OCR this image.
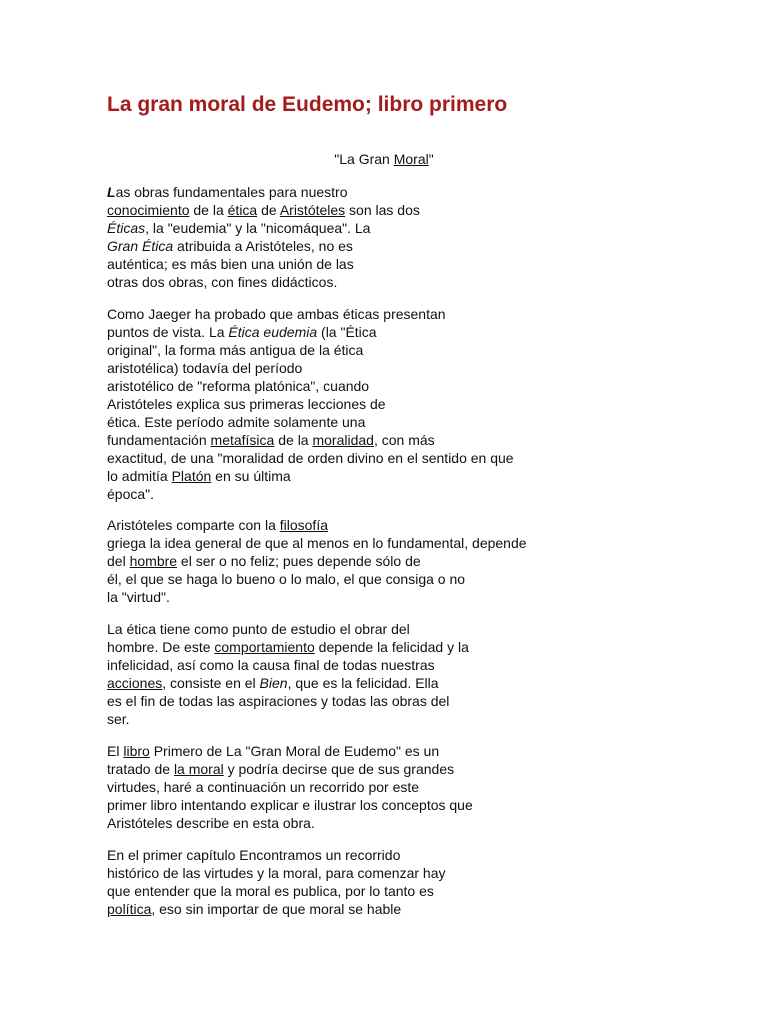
La gran moral de Eudemo; libro primero
"La Gran Moral"
Las obras fundamentales para nuestro
conocimiento de la ética de Aristóteles son las dos
Éticas, la "eudemia" y la "nicomáquea". La
Gran Ética atribuida a Aristóteles, no es
auténtica; es más bien una unión de las
otras dos obras, con fines didácticos.
Como Jaeger ha probado que ambas éticas presentan
puntos de vista. La Ética eudemia (la "Ética
original", la forma más antigua de la ética
aristotélica) todavía del período
aristotélico de "reforma platónica", cuando
Aristóteles explica sus primeras lecciones de
ética. Este período admite solamente una
fundamentación metafísica de la moralidad, con más
exactitud, de una "moralidad de orden divino en el sentido en que
lo admitía Platón en su última
época".
Aristóteles comparte con la filosofía
griega la idea general de que al menos en lo fundamental, depende
del hombre el ser o no feliz; pues depende sólo de
él, el que se haga lo bueno o lo malo, el que consiga o no
la "virtud".
La ética tiene como punto de estudio el obrar del
hombre. De este comportamiento depende la felicidad y la
infelicidad, así como la causa final de todas nuestras
acciones, consiste en el Bien, que es la felicidad. Ella
es el fin de todas las aspiraciones y todas las obras del
ser.
El libro Primero de La "Gran Moral de Eudemo" es un
tratado de la moral y podría decirse que de sus grandes
virtudes, haré a continuación un recorrido por este
primer libro intentando explicar e ilustrar los conceptos que
Aristóteles describe en esta obra.
En el primer capítulo Encontramos un recorrido
histórico de las virtudes y la moral, para comenzar hay
que entender que la moral es publica, por lo tanto es
política, eso sin importar de que moral se hable
